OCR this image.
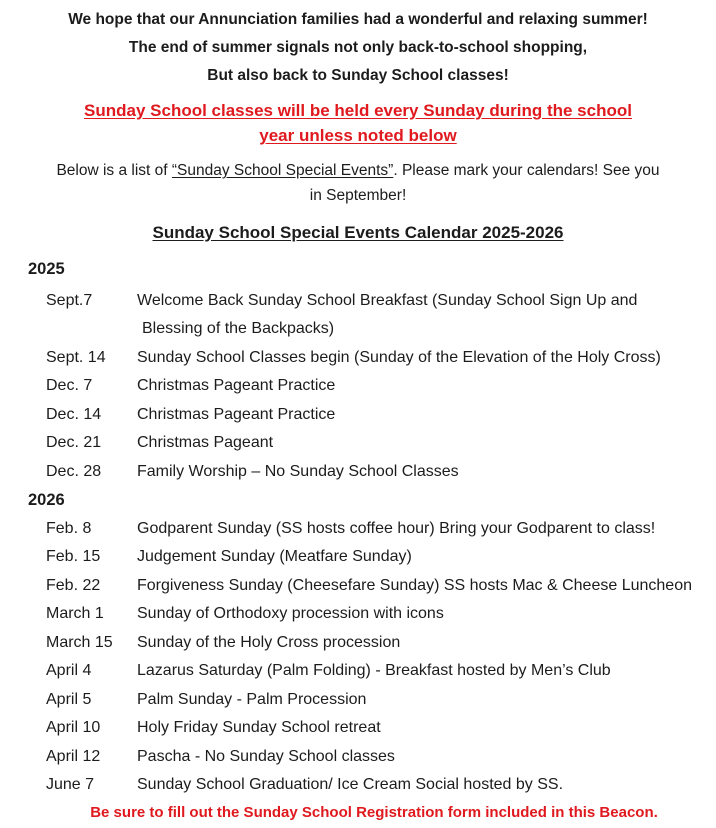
We hope that our Annunciation families had a wonderful and relaxing summer!

The end of summer signals not only back-to-school shopping,

But also back to Sunday School classes!

Sunday School classes will be held every Sunday during the school

year unless noted below

Below is a list of “Sunday School Special Events”. Please mark your calendars! See you

in September!

Sunday School Special Events Calendar 2025-2026
2025
Sept.7	Welcome Back Sunday School Breakfast (Sunday School Sign Up and
Blessing of the Backpacks)
Sept. 14	Sunday School Classes begin (Sunday of the Elevation of the Holy Cross)
Dec. 7	Christmas Pageant Practice
Dec. 14	Christmas Pageant Practice
Dec. 21	Christmas Pageant
Dec. 28	Family Worship – No Sunday School Classes
2026
Feb. 8	Godparent Sunday (SS hosts coffee hour) Bring your Godparent to class!
Feb. 15	Judgement Sunday (Meatfare Sunday)
Feb. 22	Forgiveness Sunday (Cheesefare Sunday) SS hosts Mac & Cheese Luncheon
March 1	Sunday of Orthodoxy procession with icons
March 15	Sunday of the Holy Cross procession
April 4	Lazarus Saturday (Palm Folding) - Breakfast hosted by Men’s Club
April 5	Palm Sunday - Palm Procession
April 10	Holy Friday Sunday School retreat
April 12	Pascha - No Sunday School classes
June 7	Sunday School Graduation/ Ice Cream Social hosted by SS.

Be sure to fill out the Sunday School Registration form included in this Beacon.
